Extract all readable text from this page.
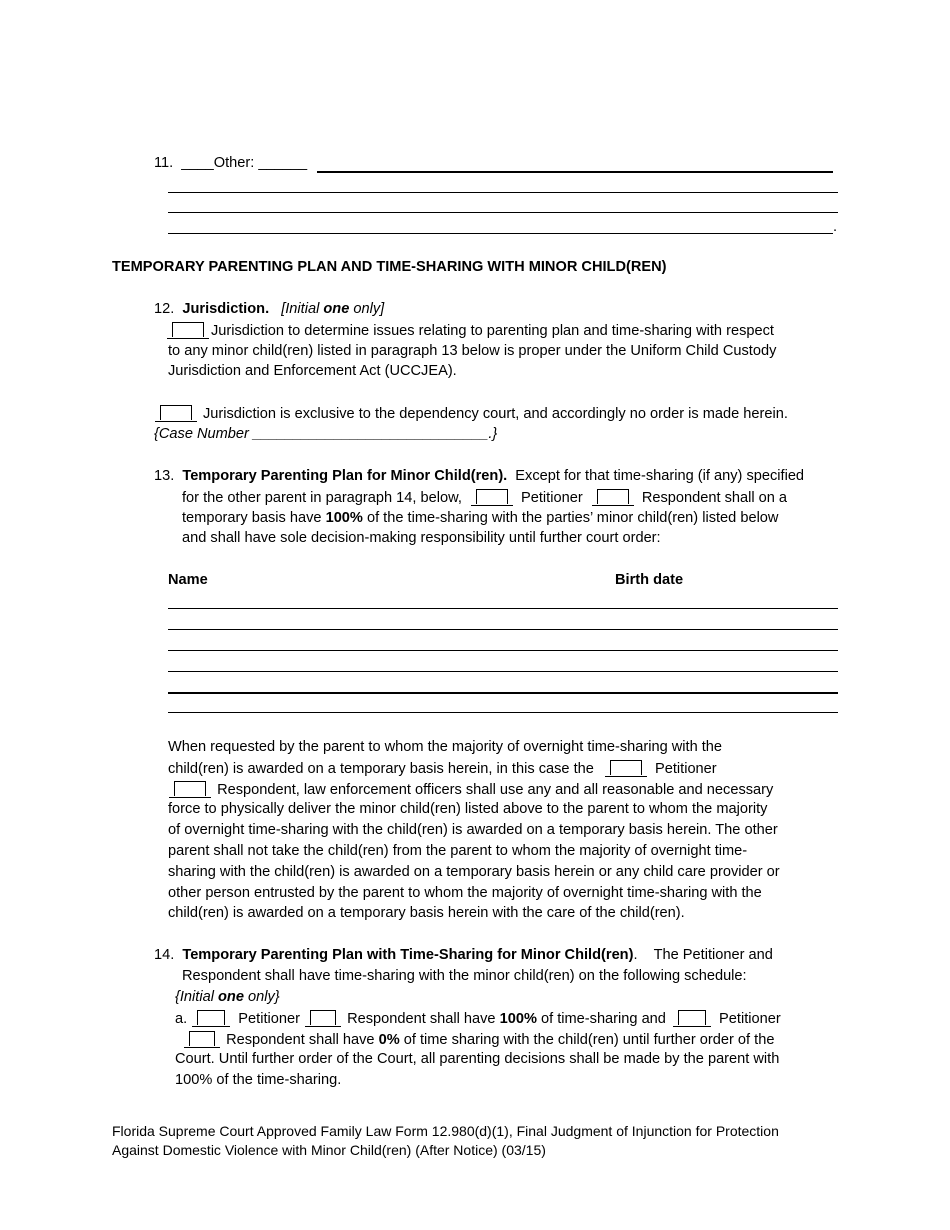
11. ____Other: ______
.
TEMPORARY PARENTING PLAN AND TIME-SHARING WITH MINOR CHILD(REN)
12. Jurisdiction. [Initial one only]
Jurisdiction to determine issues relating to parenting plan and time-sharing with respect
to any minor child(ren) listed in paragraph 13 below is proper under the Uniform Child Custody
Jurisdiction and Enforcement Act (UCCJEA).
Jurisdiction is exclusive to the dependency court, and accordingly no order is made herein.
{Case Number _____________________________.}
13. Temporary Parenting Plan for Minor Child(ren). Except for that time-sharing (if any) specified
for the other parent in paragraph 14, below,	Petitioner	Respondent shall on a
temporary basis have 100% of the time-sharing with the parties’ minor child(ren) listed below
and shall have sole decision-making responsibility until further court order:
Name	Birth date
When requested by the parent to whom the majority of overnight time-sharing with the
child(ren) is awarded on a temporary basis herein, in this case the	Petitioner
Respondent, law enforcement officers shall use any and all reasonable and necessary
force to physically deliver the minor child(ren) listed above to the parent to whom the majority
of overnight time-sharing with the child(ren) is awarded on a temporary basis herein. The other
parent shall not take the child(ren) from the parent to whom the majority of overnight time-
sharing with the child(ren) is awarded on a temporary basis herein or any child care provider or
other person entrusted by the parent to whom the majority of overnight time-sharing with the
child(ren) is awarded on a temporary basis herein with the care of the child(ren).
14. Temporary Parenting Plan with Time-Sharing for Minor Child(ren). The Petitioner and
Respondent shall have time-sharing with the minor child(ren) on the following schedule:
{Initial one only}
a.	Petitioner	Respondent shall have 100% of time-sharing and	Petitioner
Respondent shall have 0% of time sharing with the child(ren) until further order of the
Court. Until further order of the Court, all parenting decisions shall be made by the parent with
100% of the time-sharing.
Florida Supreme Court Approved Family Law Form 12.980(d)(1), Final Judgment of Injunction for Protection
Against Domestic Violence with Minor Child(ren) (After Notice) (03/15)
